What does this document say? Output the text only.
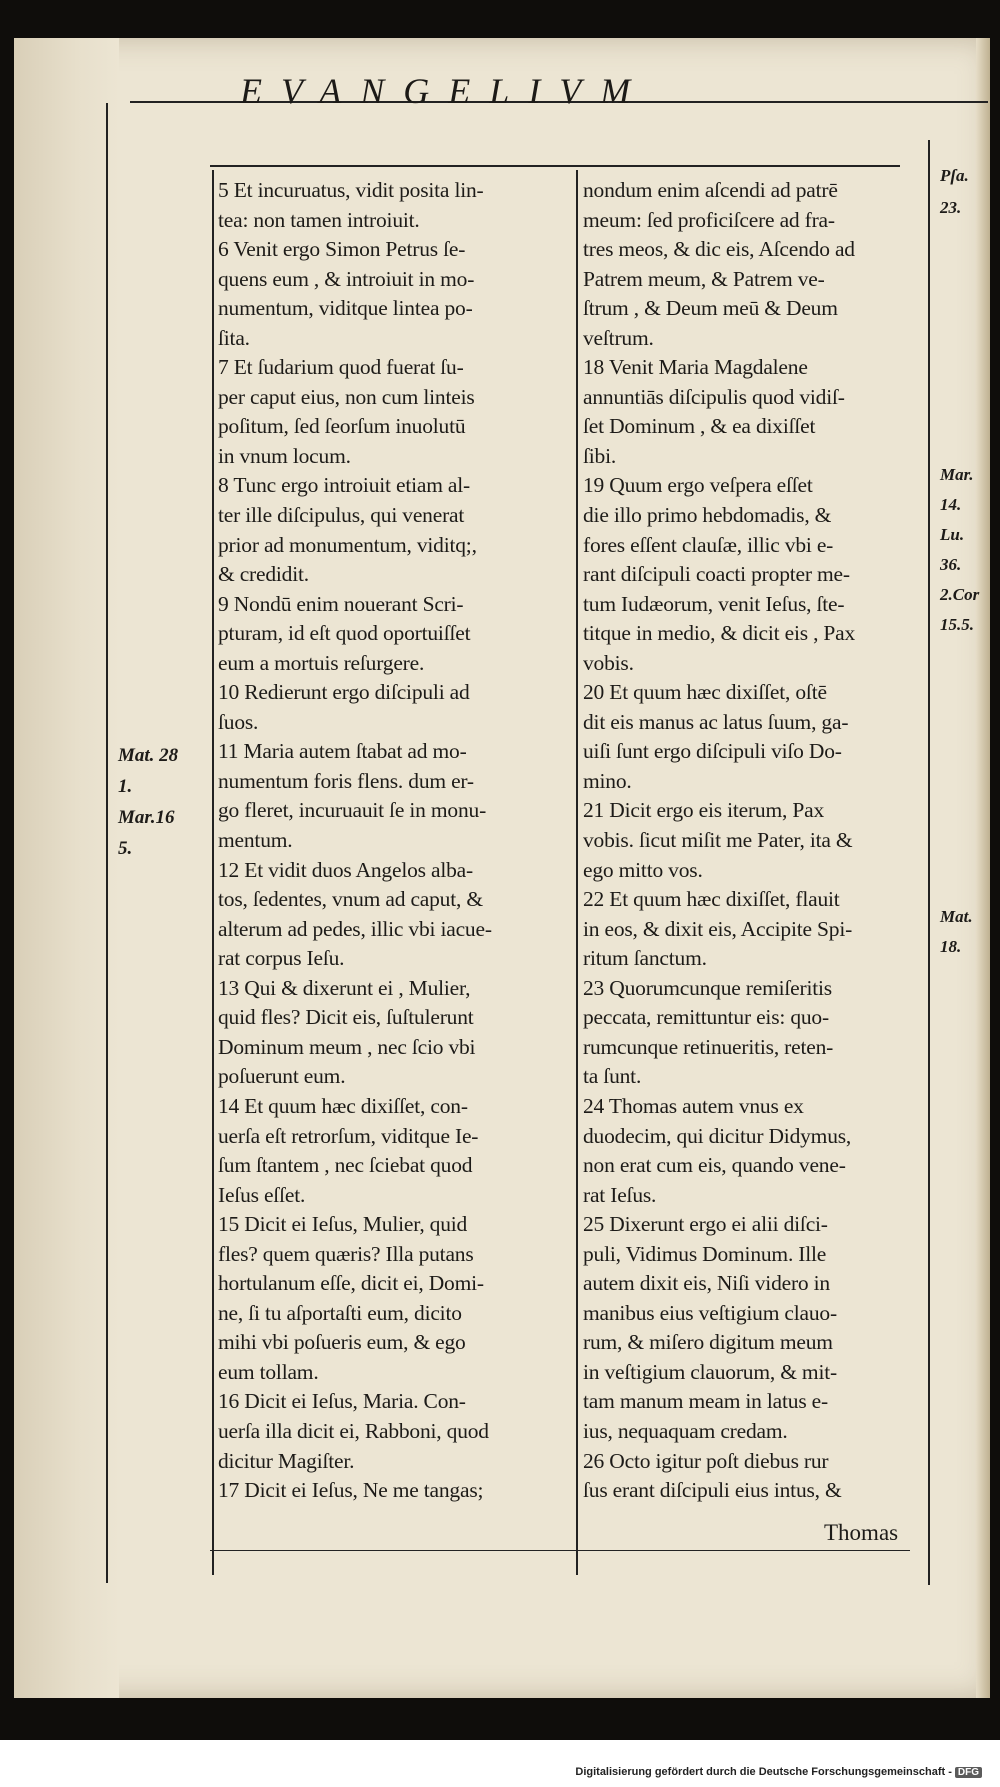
EVANGELIVM
5 Et incuruatus, vidit posita lin-
tea: non tamen introiuit.
6 Venit ergo Simon Petrus ſe-
quens eum , & introiuit in mo-
numentum, viditque lintea po-
ſita.
7 Et ſudarium quod fuerat ſu-
per caput eius, non cum linteis
poſitum, ſed ſeorſum inuolutū
in vnum locum.
8 Tunc ergo introiuit etiam al-
ter ille diſcipulus, qui venerat
prior ad monumentum, viditq;,
& credidit.
9 Nondū enim nouerant Scri-
pturam, id eſt quod oportuiſſet
eum a mortuis reſurgere.
10 Redierunt ergo diſcipuli ad
ſuos.
11 Maria autem ſtabat ad mo-
numentum foris flens. dum er-
go fleret, incuruauit ſe in monu-
mentum.
12 Et vidit duos Angelos alba-
tos, ſedentes, vnum ad caput, &
alterum ad pedes, illic vbi iacue-
rat corpus Ieſu.
13 Qui & dixerunt ei , Mulier,
quid fles? Dicit eis, ſuſtulerunt
Dominum meum , nec ſcio vbi
poſuerunt eum.
14 Et quum hæc dixiſſet, con-
uerſa eſt retrorſum, viditque Ie-
ſum ſtantem , nec ſciebat quod
Ieſus eſſet.
15 Dicit ei Ieſus, Mulier, quid
fles? quem quæris? Illa putans
hortulanum eſſe, dicit ei, Domi-
ne, ſi tu aſportaſti eum, dicito
mihi vbi poſueris eum, & ego
eum tollam.
16 Dicit ei Ieſus, Maria. Con-
uerſa illa dicit ei, Rabboni, quod
dicitur Magiſter.
17 Dicit ei Ieſus, Ne me tangas;
nondum enim aſcendi ad patrē
meum: ſed proficiſcere ad fra-
tres meos, & dic eis, Aſcendo ad
Patrem meum, & Patrem ve-
ſtrum , & Deum meū & Deum
veſtrum.
18 Venit Maria Magdalene
annuntiās diſcipulis quod vidiſ-
ſet Dominum , & ea dixiſſet
ſibi.
19 Quum ergo veſpera eſſet
die illo primo hebdomadis, &
fores eſſent clauſæ, illic vbi e-
rant diſcipuli coacti propter me-
tum Iudæorum, venit Ieſus, ſte-
titque in medio, & dicit eis , Pax
vobis.
20 Et quum hæc dixiſſet, oſtē
dit eis manus ac latus ſuum, ga-
uiſi ſunt ergo diſcipuli viſo Do-
mino.
21 Dicit ergo eis iterum, Pax
vobis. ſicut miſit me Pater, ita &
ego mitto vos.
22 Et quum hæc dixiſſet, flauit
in eos, & dixit eis, Accipite Spi-
ritum ſanctum.
23 Quorumcunque remiſeritis
peccata, remittuntur eis: quo-
rumcunque retinueritis, reten-
ta ſunt.
24 Thomas autem vnus ex
duodecim, qui dicitur Didymus,
non erat cum eis, quando vene-
rat Ieſus.
25 Dixerunt ergo ei alii diſci-
puli, Vidimus Dominum. Ille
autem dixit eis, Niſi videro in
manibus eius veſtigium clauo-
rum, & miſero digitum meum
in veſtigium clauorum, & mit-
tam manum meam in latus e-
ius, nequaquam credam.
26 Octo igitur poſt diebus rur
ſus erant diſcipuli eius intus, &
Mat. 28
1.
Mar.16
5.
Pſa.
23.
Mar.
14.
Lu.
36.
2.Cor
15.5.
Mat.
18.
Thomas
Digitalisierung gefördert durch die Deutsche Forschungsgemeinschaft - DFG
